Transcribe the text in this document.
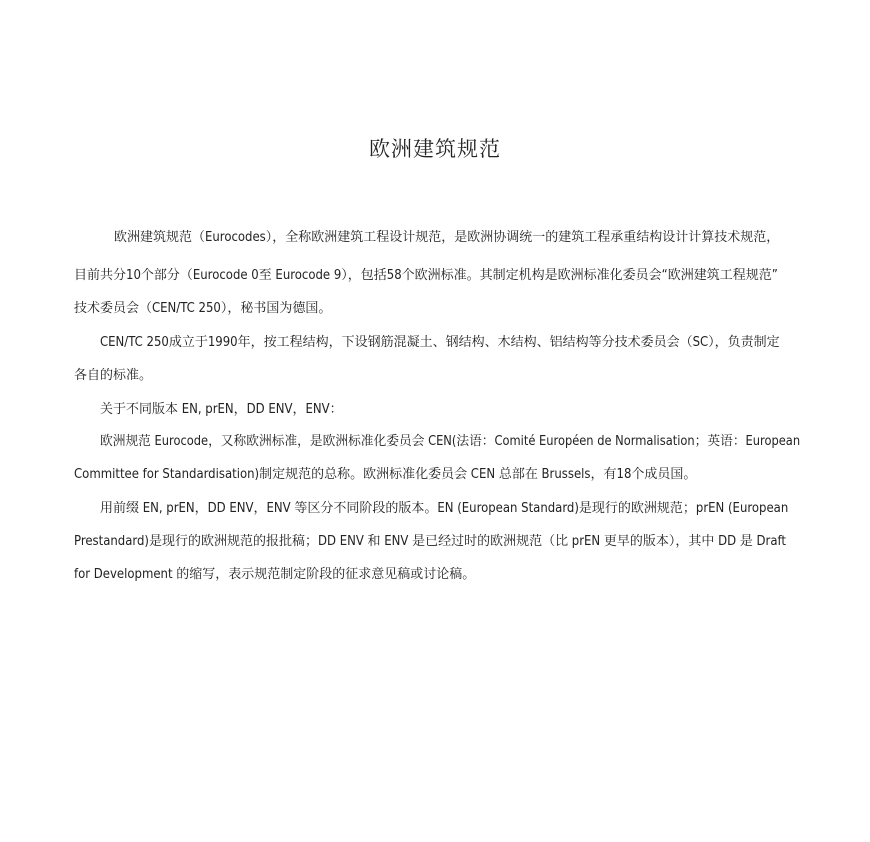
欧洲建筑规范
欧洲建筑规范（Eurocodes），全称欧洲建筑工程设计规范，是欧洲协调统一的建筑工程承重结构设计计算技术规范，
目前共分10个部分（Eurocode 0至 Eurocode 9），包括58个欧洲标准。其制定机构是欧洲标准化委员会“欧洲建筑工程规范”
技术委员会（CEN/TC 250），秘书国为德国。
CEN/TC 250成立于1990年，按工程结构，下设钢筋混凝土、钢结构、木结构、铝结构等分技术委员会（SC），负责制定
各自的标准。
关于不同版本 EN, prEN，DD ENV，ENV：
欧洲规范 Eurocode，又称欧洲标准，是欧洲标准化委员会 CEN(法语：Comité Européen de Normalisation；英语：European
Committee for Standardisation)制定规范的总称。欧洲标准化委员会 CEN 总部在 Brussels，有18个成员国。
用前缀 EN, prEN，DD ENV，ENV 等区分不同阶段的版本。EN (European Standard)是现行的欧洲规范；prEN (European
Prestandard)是现行的欧洲规范的报批稿；DD ENV 和 ENV 是已经过时的欧洲规范（比 prEN 更早的版本），其中 DD 是 Draft
for Development 的缩写，表示规范制定阶段的征求意见稿或讨论稿。
